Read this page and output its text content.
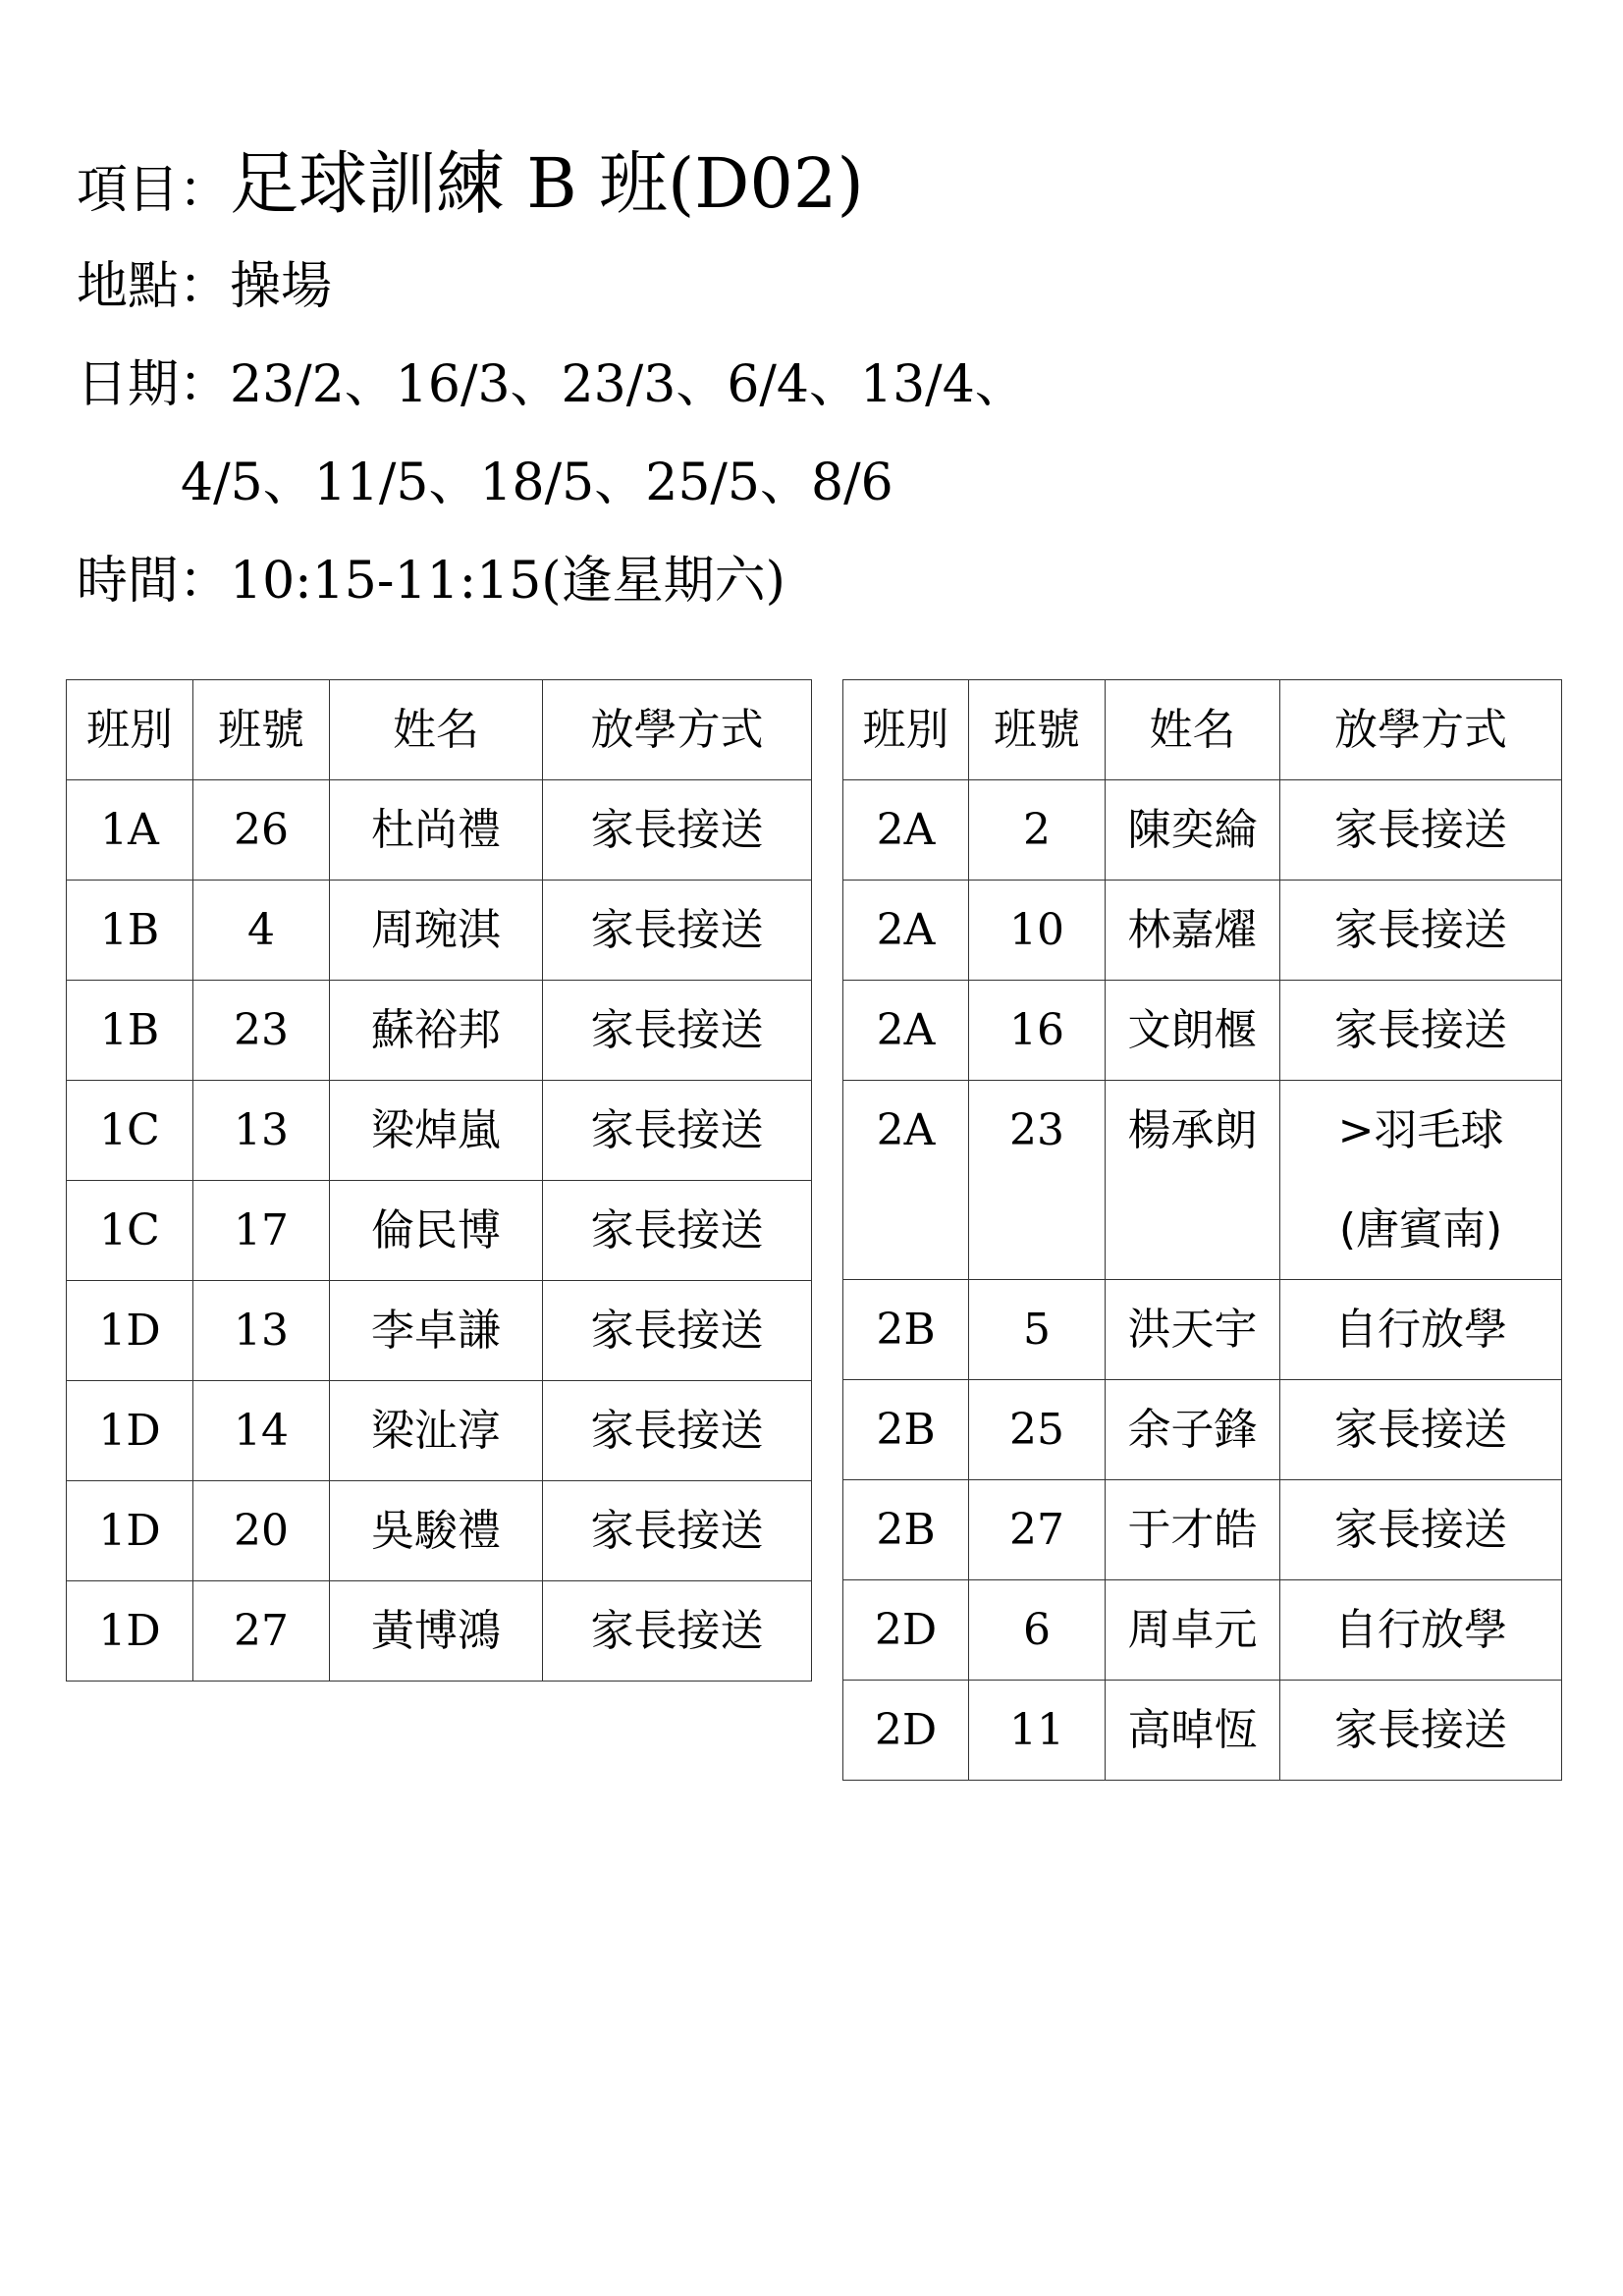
項目：足球訓練 B 班(D02)
地點：操場
日期：23/2、16/3、23/3、6/4、13/4、
4/5、11/5、18/5、25/5、8/6
時間：10:15-11:15(逢星期六)
班別	班號	姓名	放學方式
1A	26	杜尚禮	家長接送
1B	4	周琬淇	家長接送
1B	23	蘇裕邦	家長接送
1C	13	梁焯嵐	家長接送
1C	17	倫民博	家長接送
1D	13	李卓謙	家長接送
1D	14	梁沚淳	家長接送
1D	20	吳駿禮	家長接送
1D	27	黃博鴻	家長接送
班別	班號	姓名	放學方式
2A	2	陳奕綸	家長接送
2A	10	林嘉燿	家長接送
2A	16	文朗椻	家長接送
2A	23	楊承朗	>羽毛球
(唐賓南)

2B	5	洪天宇	自行放學
2B	25	余子鋒	家長接送
2B	27	于才皓	家長接送
2D	6	周卓元	自行放學
2D	11	高晫恆	家長接送
